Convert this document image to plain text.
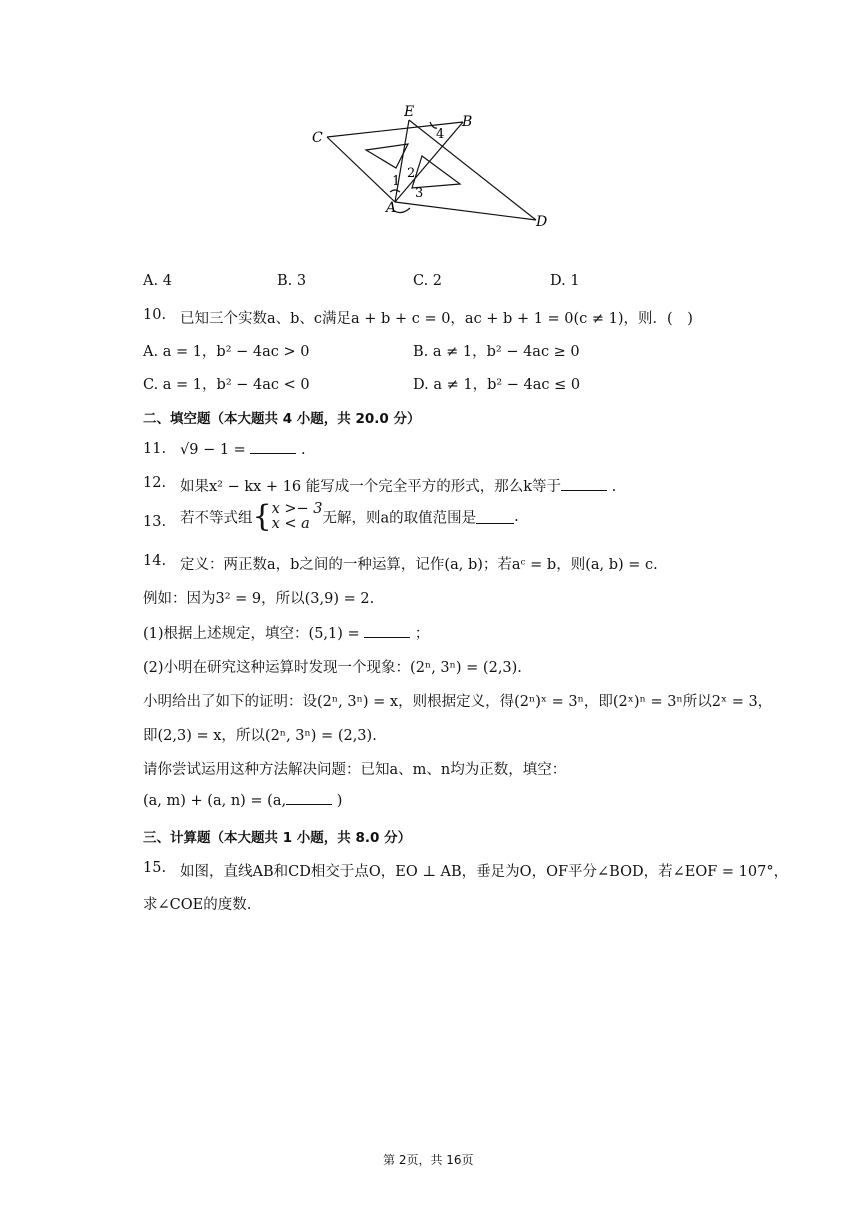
C
E
B
A
D
1
2
3
4
A. 4	B. 3	C. 2	D. 1
10. 已知三个实数a、b、c满足a + b + c = 0，ac + b + 1 = 0(c ≠ 1)，则．(　)
A. a = 1，b² − 4ac > 0	B. a ≠ 1，b² − 4ac ≥ 0
C. a = 1，b² − 4ac < 0	D. a ≠ 1，b² − 4ac ≤ 0
二、填空题（本大题共 4 小题，共 20.0 分）
11. √9 − 1 =	.
12. 如果x² − kx + 16 能写成一个完全平方的形式，那么k等于	.
13. 若不等式组{x >− 3
x < a 无解，则a的取值范围是	.
14. 定义：两正数a，b之间的一种运算，记作(a, b)；若aᶜ = b，则(a, b) = c.
例如：因为3² = 9，所以(3,9) = 2.
(1)根据上述规定，填空：(5,1) =	；
(2)小明在研究这种运算时发现一个现象：(2ⁿ, 3ⁿ) = (2,3).
小明给出了如下的证明：设(2ⁿ, 3ⁿ) = x，则根据定义，得(2ⁿ)ˣ = 3ⁿ，即(2ˣ)ⁿ = 3ⁿ所以2ˣ = 3，
即(2,3) = x，所以(2ⁿ, 3ⁿ) = (2,3).
请你尝试运用这种方法解决问题：已知a、m、n均为正数，填空：
(a, m) + (a, n) = (a,	)
三、计算题（本大题共 1 小题，共 8.0 分）
15. 如图，直线AB和CD相交于点O，EO ⊥ AB，垂足为O，OF平分∠BOD，若∠EOF = 107°，
求∠COE的度数.
第 2页，共 16页
